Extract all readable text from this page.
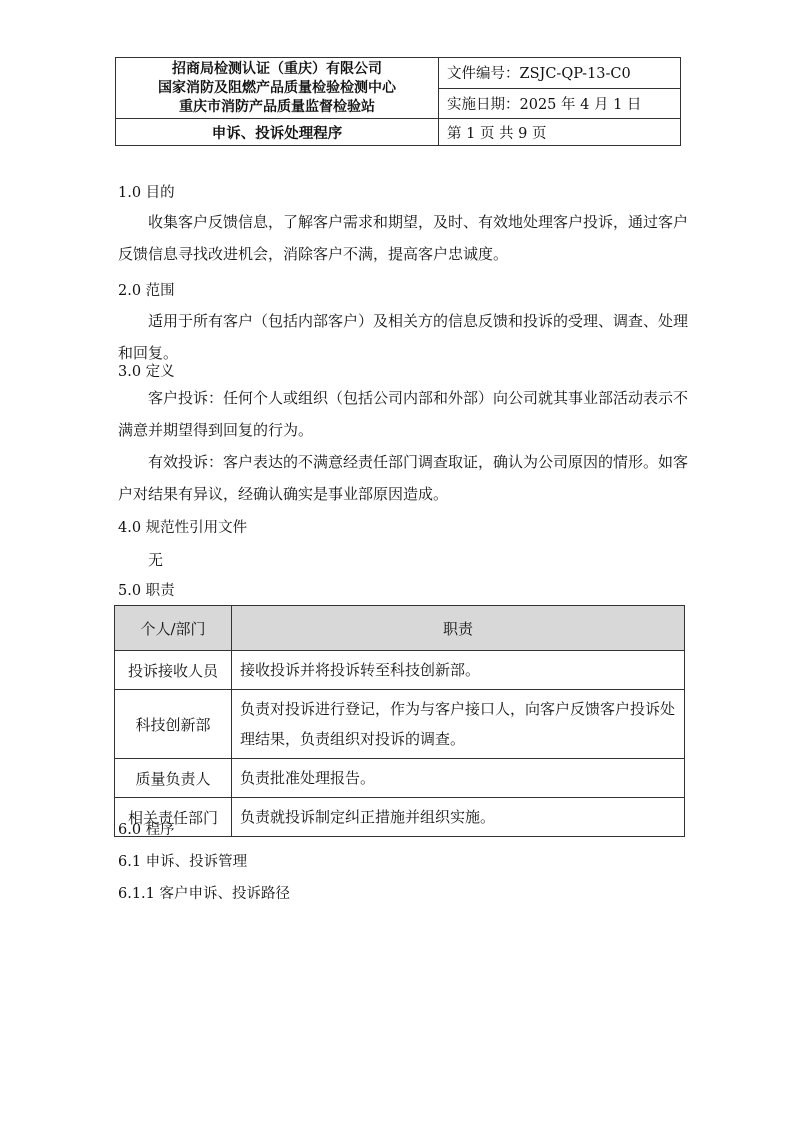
招商局检测认证（重庆）有限公司
国家消防及阻燃产品质量检验检测中心
重庆市消防产品质量监督检验站	文件编号：ZSJC-QP-13-C0
	实施日期：2025 年 4 月 1 日
申诉、投诉处理程序	第 1 页 共 9 页
1.0 目的
收集客户反馈信息，了解客户需求和期望，及时、有效地处理客户投诉，通过客户反馈信息寻找改进机会，消除客户不满，提高客户忠诚度。
2.0 范围
适用于所有客户（包括内部客户）及相关方的信息反馈和投诉的受理、调查、处理和回复。
3.0 定义
客户投诉：任何个人或组织（包括公司内部和外部）向公司就其事业部活动表示不满意并期望得到回复的行为。
有效投诉：客户表达的不满意经责任部门调查取证，确认为公司原因的情形。如客户对结果有异议，经确认确实是事业部原因造成。
4.0 规范性引用文件
无
5.0 职责
个人/部门	职责
投诉接收人员	接收投诉并将投诉转至科技创新部。
科技创新部	负责对投诉进行登记，作为与客户接口人，向客户反馈客户投诉处理结果，负责组织对投诉的调查。
质量负责人	负责批准处理报告。
相关责任部门	负责就投诉制定纠正措施并组织实施。
6.0 程序
6.1 申诉、投诉管理
6.1.1 客户申诉、投诉路径
